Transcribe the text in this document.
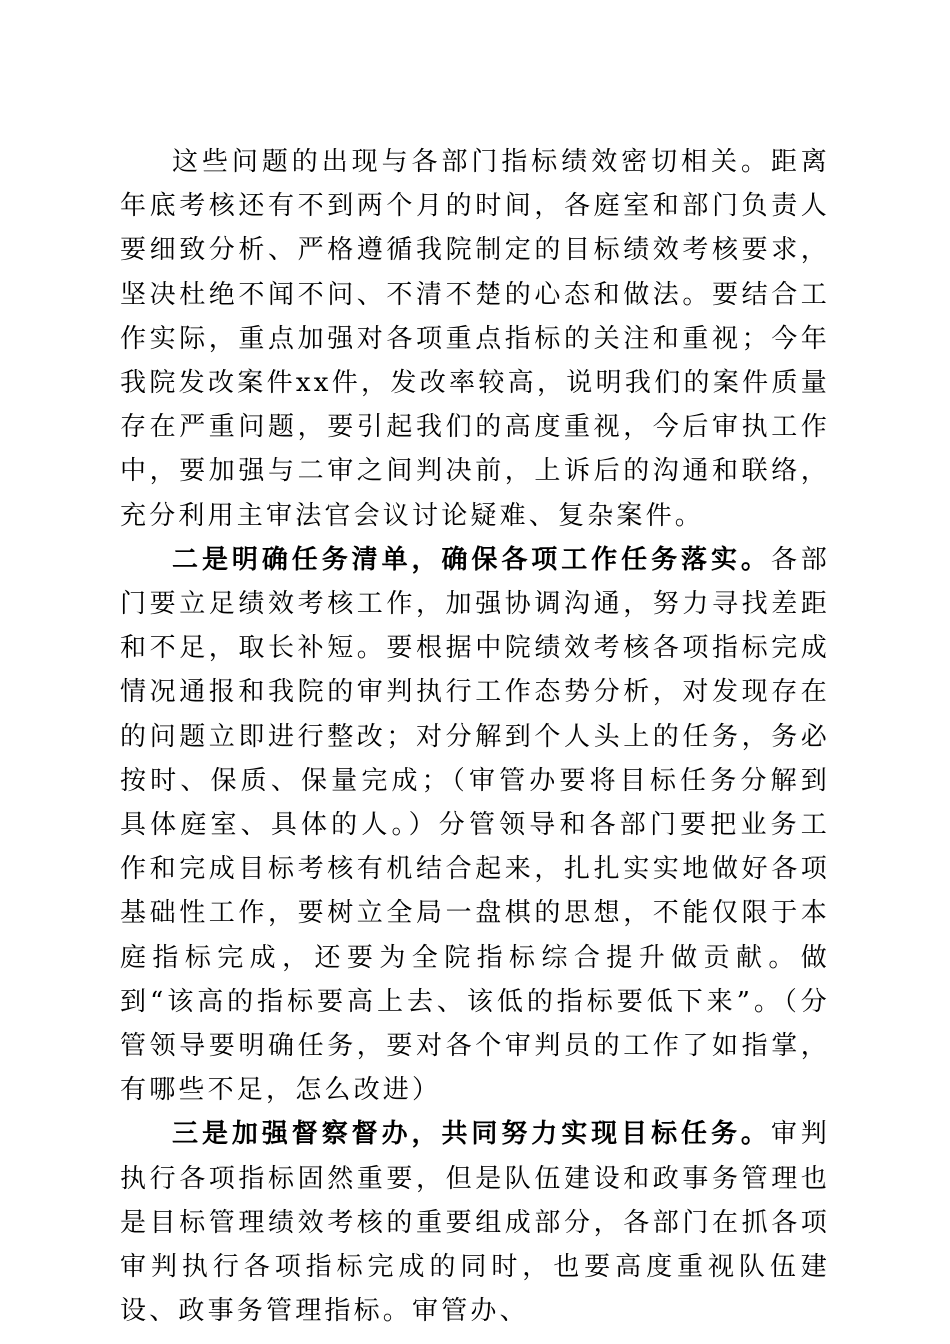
这些问题的出现与各部门指标绩效密切相关。距离年底考核还有不到两个月的时间，各庭室和部门负责人要细致分析、严格遵循我院制定的目标绩效考核要求，坚决杜绝不闻不问、不清不楚的心态和做法。要结合工作实际，重点加强对各项重点指标的关注和重视；今年我院发改案件xx件，发改率较高，说明我们的案件质量存在严重问题，要引起我们的高度重视，今后审执工作中，要加强与二审之间判决前，上诉后的沟通和联络，充分利用主审法官会议讨论疑难、复杂案件。

二是明确任务清单，确保各项工作任务落实。各部门要立足绩效考核工作，加强协调沟通，努力寻找差距和不足，取长补短。要根据中院绩效考核各项指标完成情况通报和我院的审判执行工作态势分析，对发现存在的问题立即进行整改；对分解到个人头上的任务，务必按时、保质、保量完成；（审管办要将目标任务分解到具体庭室、具体的人。）分管领导和各部门要把业务工作和完成目标考核有机结合起来，扎扎实实地做好各项基础性工作，要树立全局一盘棋的思想，不能仅限于本庭指标完成，还要为全院指标综合提升做贡献。做到“该高的指标要高上去、该低的指标要低下来”。（分管领导要明确任务，要对各个审判员的工作了如指掌，有哪些不足，怎么改进）

三是加强督察督办，共同努力实现目标任务。审判执行各项指标固然重要，但是队伍建设和政事务管理也是目标管理绩效考核的重要组成部分，各部门在抓各项审判执行各项指标完成的同时，也要高度重视队伍建设、政事务管理指标。审管办、
